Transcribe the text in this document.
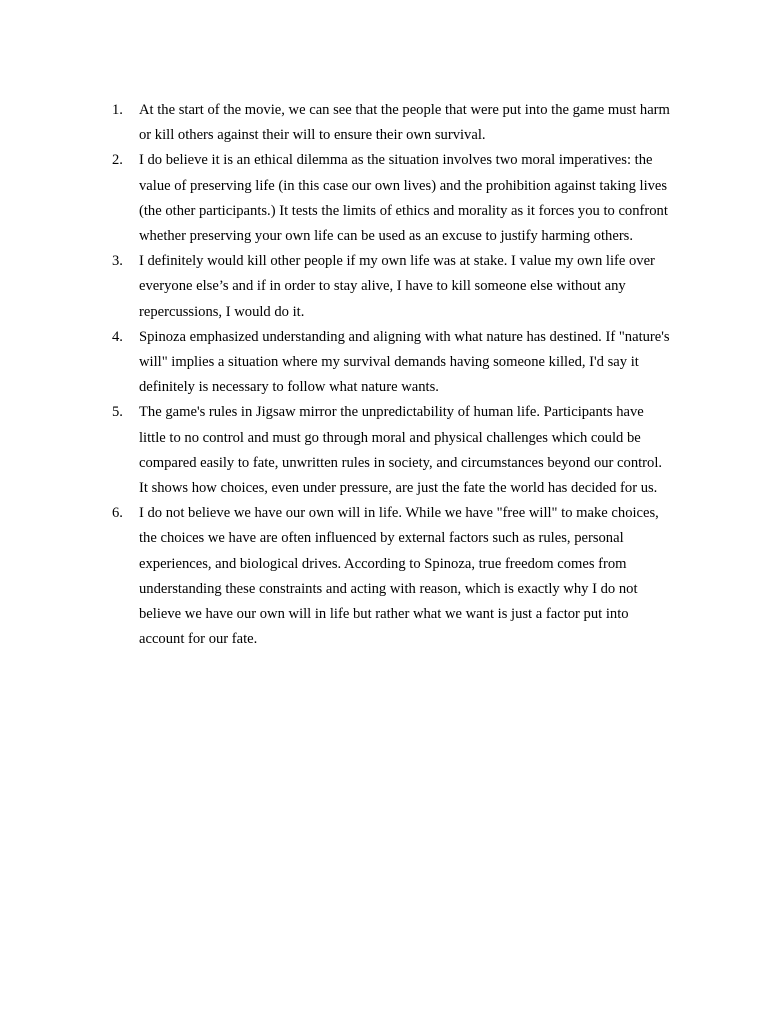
1.	At the start of the movie, we can see that the people that were put into the game must harm or kill others against their will to ensure their own survival.
2.	I do believe it is an ethical dilemma as the situation involves two moral imperatives: the value of preserving life (in this case our own lives) and the prohibition against taking lives (the other participants.) It tests the limits of ethics and morality as it forces you to confront whether preserving your own life can be used as an excuse to justify harming others.
3.	I definitely would kill other people if my own life was at stake. I value my own life over everyone else’s and if in order to stay alive, I have to kill someone else without any repercussions, I would do it.
4.	Spinoza emphasized understanding and aligning with what nature has destined. If "nature's will" implies a situation where my survival demands having someone killed, I'd say it definitely is necessary to follow what nature wants.
5.	The game's rules in Jigsaw mirror the unpredictability of human life. Participants have little to no control and must go through moral and physical challenges which could be compared easily to fate, unwritten rules in society, and circumstances beyond our control. It shows how choices, even under pressure, are just the fate the world has decided for us.
6.	I do not believe we have our own will in life. While we have "free will" to make choices, the choices we have are often influenced by external factors such as rules, personal experiences, and biological drives. According to Spinoza, true freedom comes from understanding these constraints and acting with reason, which is exactly why I do not believe we have our own will in life but rather what we want is just a factor put into account for our fate.
